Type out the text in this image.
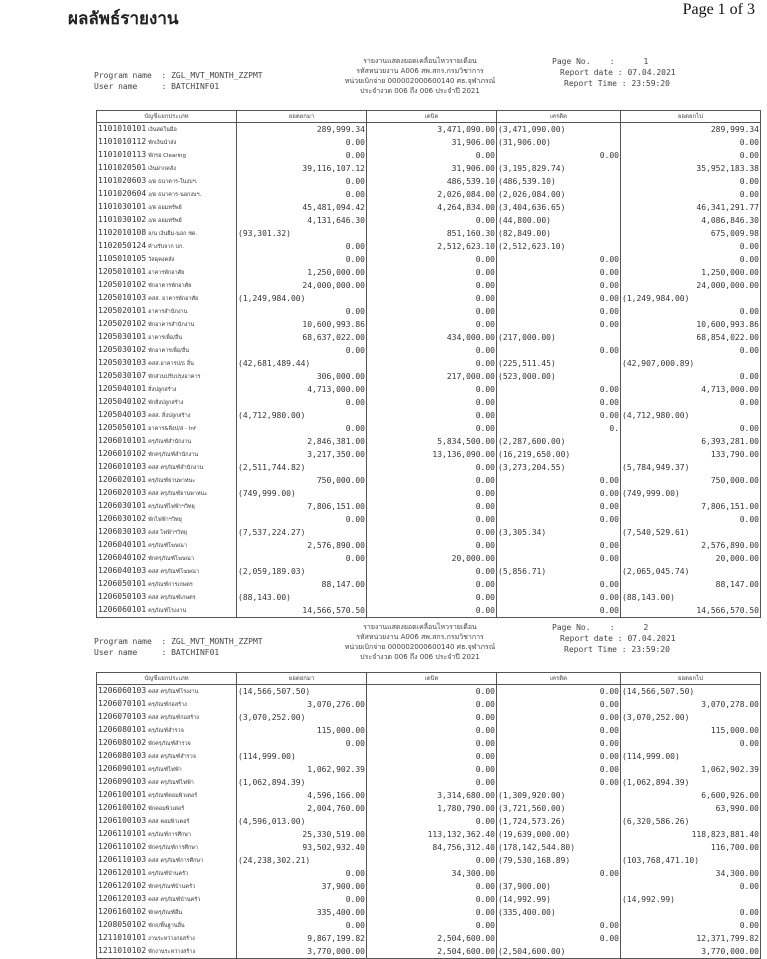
ผลลัพธ์รายงาน	Page 1 of 3
Program name  : ZGL_MVT_MONTH_ZZPMT
User name     : BATCHINF01
รายงานแสดงยอดเคลื่อนไหวรายเดือน
รหัสหน่วยงาน A006 สพ.สกร.กรมวิชาการ
หน่วยเบิกจ่าย 000002000600140 ศธ.จุฬาภรณ์
ประจำงวด 006 ถึง 006 ประจำปี 2021
Page No.    :      1
Report date : 07.04.2021
Report Time : 23:59:20
บัญชีแยกประเภท	ยอดยกมา	เดบิต	เครดิต	ยอดยกไป
1101010101 เงินสดในมือ	289,999.34	3,471,090.00	(3,471,090.00)	289,999.34
1101010112 พักเงินนำส่ง	0.00	31,906.00	(31,906.00)	0.00
1101010113 พักรอ Clearing	0.00	0.00	0.00	0.00
1101020501 เงินฝากคลัง	39,116,107.12	31,906.00	(3,195,829.74)	35,952,183.38
1101020603 ง/ด ธนาคาร-ในงบฯ.	0.00	486,539.10	(486,539.10)	0.00
1101020604 ง/ด ธนาคาร-นอกงบฯ.	0.00	2,026,084.00	(2,026,084.00)	0.00
1101030101 ง/ด ออมทรัพย์	45,481,094.42	4,264,834.00	(3,404,636.65)	46,341,291.77
1101030102 ง/ด ออมทรัพย์	4,131,646.30	0.00	(44,800.00)	4,086,846.30
1102010108 ล/น เงินยืม-นอก ชด.	(93,301.32)	851,160.30	(82,849.00)	675,009.98
1102050124 ค้างรับจาก บก.	0.00	2,512,623.10	(2,512,623.10)	0.00
1105010105 วัสดุคงคลัง	0.00	0.00	0.00	0.00
1205010101 อาคารพักอาศัย	1,250,000.00	0.00	0.00	1,250,000.00
1205010102 พักอาคารพักอาศัย	24,000,000.00	0.00	0.00	24,000,000.00
1205010103 คสส. อาคารพักอาศัย	(1,249,984.00)	0.00	0.00	(1,249,984.00)
1205020101 อาคารสำนักงาน	0.00	0.00	0.00	0.00
1205020102 พักอาคารสำนักงาน	10,600,993.86	0.00	0.00	10,600,993.86
1205030101 อาคารเพื่อ/อื่น	68,637,022.00	434,000.00	(217,000.00)	68,854,022.00
1205030102 พักอาคารเพื่อ/อื่น	0.00	0.00	0.00	0.00
1205030103 คสส.อาคารป/ธ อื่น	(42,681,489.44)	0.00	(225,511.45)	(42,907,000.89)
1205030107 พักส่วนปรับปรุงอาคาร	306,000.00	217,000.00	(523,000.00)	0.00
1205040101 สิ่งปลูกสร้าง	4,713,000.00	0.00	0.00	4,713,000.00
1205040102 พักสิ่งปลูกสร้าง	0.00	0.00	0.00	0.00
1205040103 คสส. สิ่งปลูกสร้าง	(4,712,980.00)	0.00	0.00	(4,712,980.00)
1205050101 อาคาร&สิ่งป/ส - Inf	0.00	0.00	0.	0.00
1206010101 ครุภัณฑ์สำนักงาน	2,846,381.00	5,834,500.00	(2,287,600.00)	6,393,281.00
1206010102 พักครุภัณฑ์สำนักงาน	3,217,350.00	13,136,090.00	(16,219,650.00)	133,790.00
1206010103 คสส ครุภัณฑ์สำนักงาน	(2,511,744.82)	0.00	(3,273,204.55)	(5,784,949.37)
1206020101 ครุภัณฑ์ยานพาหนะ	750,000.00	0.00	0.00	750,000.00
1206020103 คสส ครุภัณฑ์ยานพาหนะ	(749,999.00)	0.00	0.00	(749,999.00)
1206030101 ครุภัณฑ์ไฟฟ้าฯวิทยุ	7,806,151.00	0.00	0.00	7,806,151.00
1206030102 พักไฟฟ้าฯวิทยุ	0.00	0.00	0.00	0.00
1206030103 คสส ไฟฟ้าฯวิทยุ	(7,537,224.27)	0.00	(3,305.34)	(7,540,529.61)
1206040101 ครุภัณฑ์โฆษณา	2,576,890.00	0.00	0.00	2,576,890.00
1206040102 พักครุภัณฑ์โฆษณา	0.00	20,000.00	0.00	20,000.00
1206040103 คสส ครุภัณฑ์โฆษณา	(2,059,189.03)	0.00	(5,856.71)	(2,065,045.74)
1206050101 ครุภัณฑ์การเกษตร	88,147.00	0.00	0.00	88,147.00
1206050103 คสส ครุภัณฑ์เกษตร	(88,143.00)	0.00	0.00	(88,143.00)
1206060101 ครุภัณฑ์โรงงาน	14,566,570.50	0.00	0.00	14,566,570.50
Program name  : ZGL_MVT_MONTH_ZZPMT
User name     : BATCHINF01
รายงานแสดงยอดเคลื่อนไหวรายเดือน
รหัสหน่วยงาน A006 สพ.สกร.กรมวิชาการ
หน่วยเบิกจ่าย 000002000600140 ศธ.จุฬาภรณ์
ประจำงวด 006 ถึง 006 ประจำปี 2021
Page No.    :      2
Report date : 07.04.2021
Report Time : 23:59:20
บัญชีแยกประเภท	ยอดยกมา	เดบิต	เครดิต	ยอดยกไป
1206060103 คสส ครุภัณฑ์โรงงาน	(14,566,507.50)	0.00	0.00	(14,566,507.50)
1206070101 ครุภัณฑ์ก่อสร้าง	3,070,276.00	0.00	0.00	3,070,278.00
1206070103 คสส ครุภัณฑ์ก่อสร้าง	(3,070,252.00)	0.00	0.00	(3,070,252.00)
1206080101 ครุภัณฑ์สำรวจ	115,000.00	0.00	0.00	115,000.00
1206080102 พักครุภัณฑ์สำรวจ	0.00	0.00	0.00	0.00
1206080103 คสส ครุภัณฑ์สำรวจ	(114,999.00)	0.00	0.00	(114,999.00)
1206090101 ครุภัณฑ์ไฟฟ้า	1,062,902.39	0.00	0.00	1,062,902.39
1206090103 คสส ครุภัณฑ์ไฟฟ้า	(1,062,894.39)	0.00	0.00	(1,062,894.39)
1206100101 ครุภัณฑ์คอมพิวเตอร์	4,596,166.00	3,314,680.00	(1,309,920.00)	6,600,926.00
1206100102 พักคอมพิวเตอร์	2,004,760.00	1,780,790.00	(3,721,560.00)	63,990.00
1206100103 คสส คอมพิวเตอร์	(4,596,013.00)	0.00	(1,724,573.26)	(6,320,586.26)
1206110101 ครุภัณฑ์การศึกษา	25,330,519.00	113,132,362.40	(19,639,000.00)	118,823,881.40
1206110102 พักครุภัณฑ์การศึกษา	93,502,932.40	84,756,312.40	(178,142,544.80)	116,700.00
1206110103 คสส ครุภัณฑ์การศึกษา	(24,238,302.21)	0.00	(79,530,168.89)	(103,768,471.10)
1206120101 ครุภัณฑ์บ้านครัว	0.00	34,300.00	0.00	34,300.00
1206120102 พักครุภัณฑ์บ้านครัว	37,900.00	0.00	(37,900.00)	0.00
1206120103 คสส ครุภัณฑ์บ้านครัว	0.00	0.00	(14,992.99)	(14,992.99)
1206160102 พักครุภัณฑ์อื่น	335,400.00	0.00	(335,400.00)	0.00
1208050102 พักถ/พื้นฐานอื่น	0.00	0.00	0.00	0.00
1211010101 งานระหว่างก่อสร้าง	9,867,199.82	2,504,600.00	0.00	12,371,799.82
1211010102 พักงานระหว่างสร้าง	3,770,000.00	2,504,600.00	(2,504,600.00)	3,770,000.00
